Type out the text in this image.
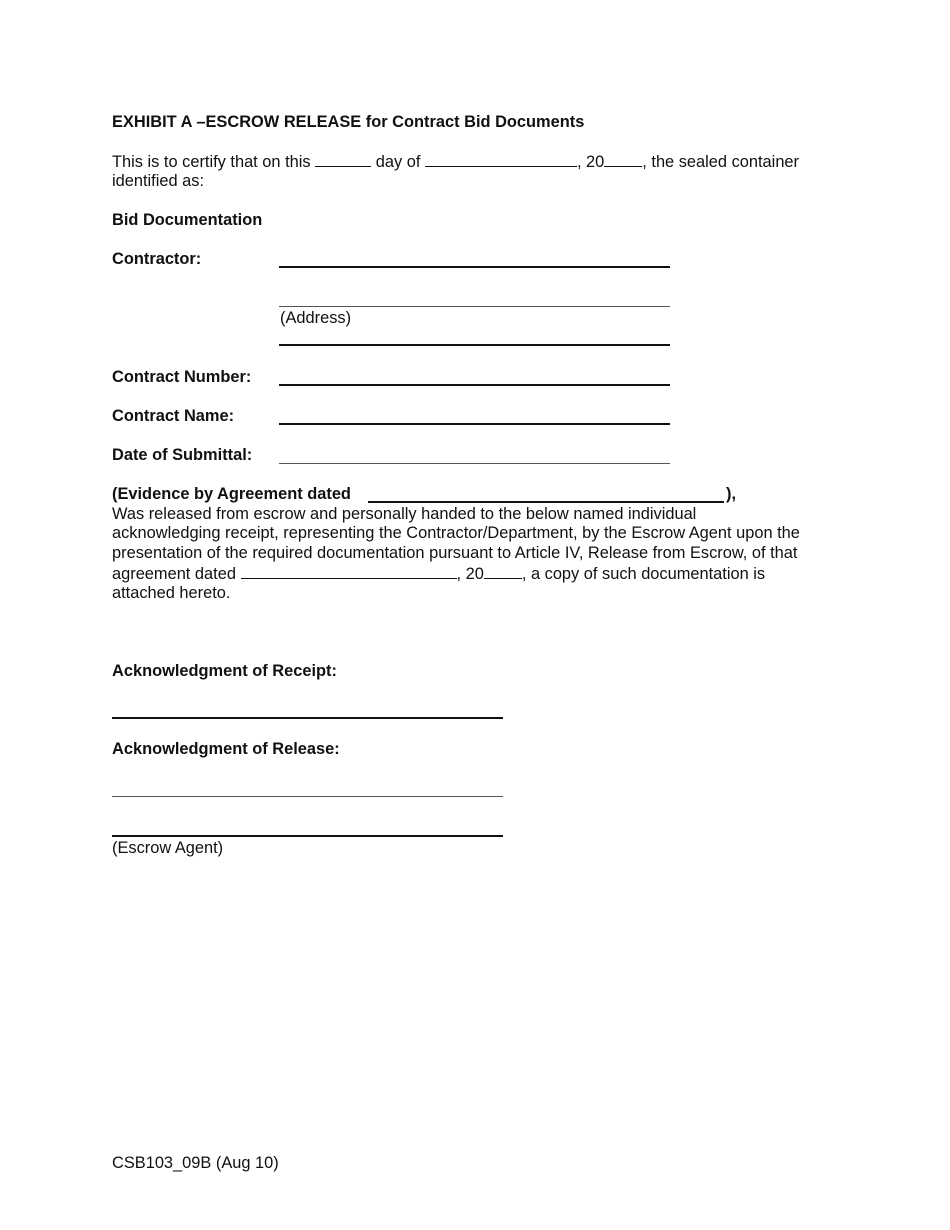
EXHIBIT A –ESCROW RELEASE for Contract Bid Documents
This is to certify that on this	day of	, 20 , the sealed container
identified as:
Bid Documentation
Contractor:
(Address)
Contract Number:
Contract Name:
Date of Submittal:
(Evidence by Agreement dated	),
Was released from escrow and personally handed to the below named individual
acknowledging receipt, representing the Contractor/Department, by the Escrow Agent upon the
presentation of the required documentation pursuant to Article IV, Release from Escrow, of that
agreement dated	, 20 , a copy of such documentation is
attached hereto.
Acknowledgment of Receipt:
Acknowledgment of Release:
(Escrow Agent)
CSB103_09B (Aug 10)
